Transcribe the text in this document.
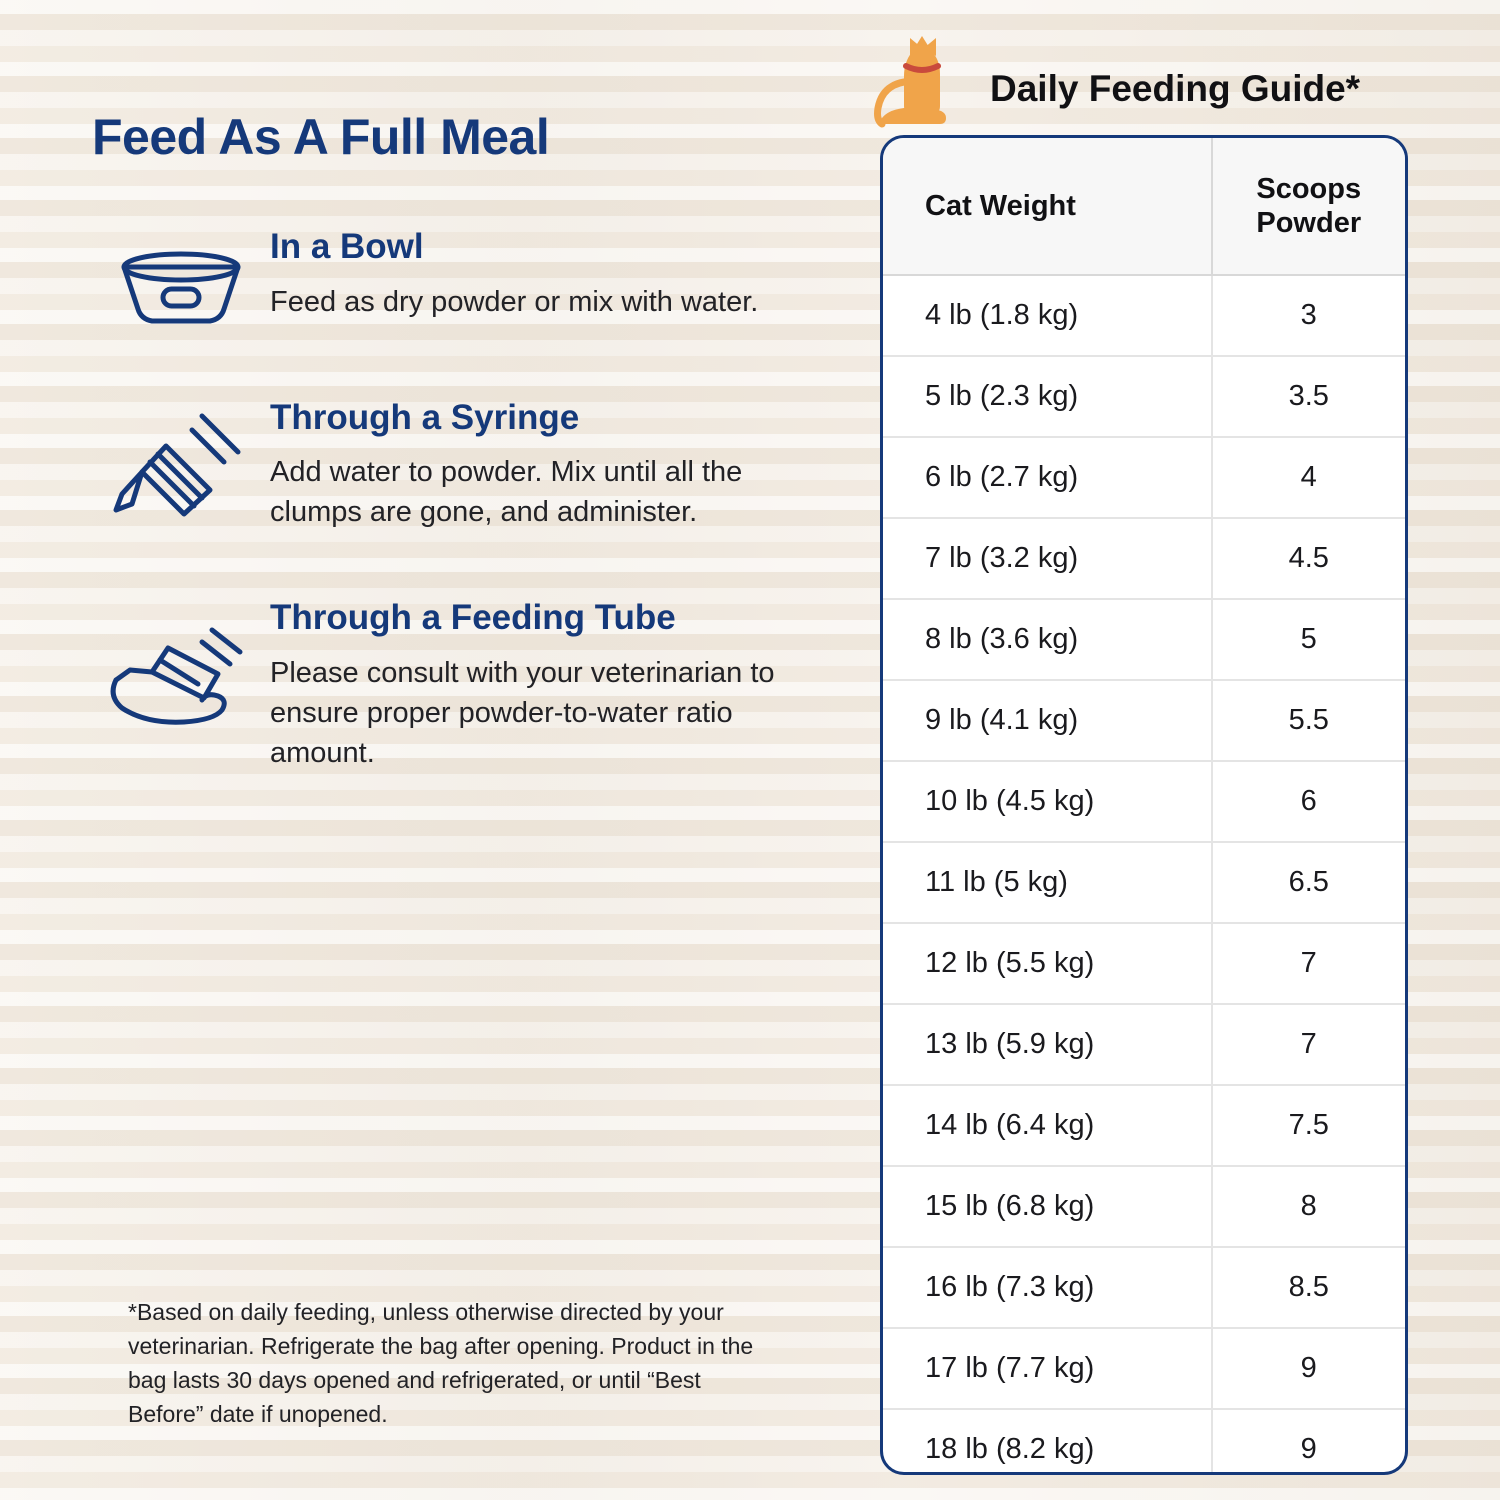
Feed As A Full Meal
In a Bowl

Feed as dry powder or mix with water.

Through a Syringe

Add water to powder. Mix until all the clumps are gone, and administer.

Through a Feeding Tube

Please consult with your veterinarian to ensure proper powder-to-water ratio amount.

*Based on daily feeding, unless otherwise directed by your veterinarian. Refrigerate the bag after opening. Product in the bag lasts 30 days opened and refrigerated, or until “Best Before” date if unopened.

Daily Feeding Guide*
Cat Weight	Scoops Powder
4 lb (1.8 kg)	3
5 lb (2.3 kg)	3.5
6 lb (2.7 kg)	4
7 lb (3.2 kg)	4.5
8 lb (3.6 kg)	5
9 lb (4.1 kg)	5.5
10 lb (4.5 kg)	6
11 lb (5 kg)	6.5
12 lb (5.5 kg)	7
13 lb (5.9 kg)	7
14 lb (6.4 kg)	7.5
15 lb (6.8 kg)	8
16 lb (7.3 kg)	8.5
17 lb (7.7 kg)	9
18 lb (8.2 kg)	9
